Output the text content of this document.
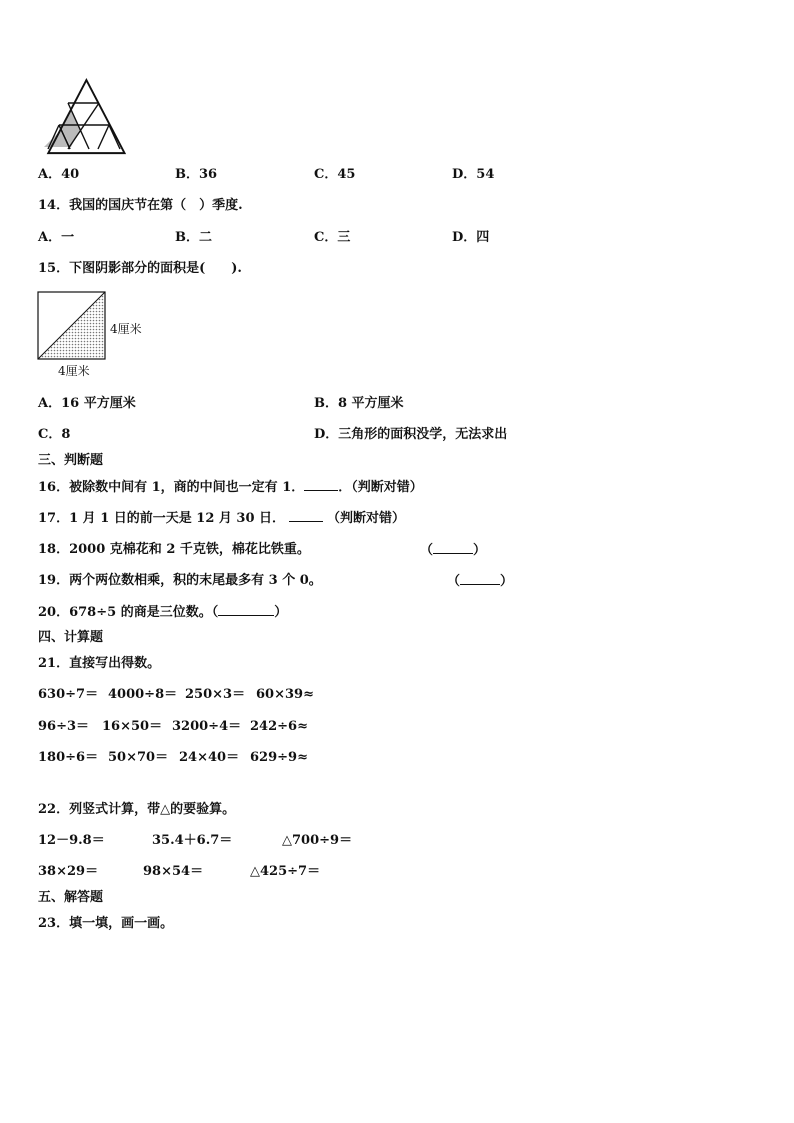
A．40	B．36	C．45	D．54
14．我国的国庆节在第（　）季度.
A．一	B．二	C．三	D．四
15．下图阴影部分的面积是(　　).
4厘米
4厘米
A．16 平方厘米	B．8 平方厘米
C．8	D．三角形的面积没学，无法求出
三、判断题
16．被除数中间有 1，商的中间也一定有 1．	．（判断对错）
17．1 月 1 日的前一天是 12 月 30 日．	（判断对错）
18．2000 克棉花和 2 千克铁，棉花比铁重。	（	）
19．两个两位数相乘，积的末尾最多有 3 个 0。	（	）
20．678÷5 的商是三位数。（	）
四、计算题
21．直接写出得数。
630÷7＝ 4000÷8＝ 250×3＝ 60×39≈
96÷3＝ 16×50＝ 3200÷4＝ 242÷6≈
180÷6＝ 50×70＝ 24×40＝ 629÷9≈
22．列竖式计算，带△的要验算。
12－9.8＝	35.4＋6.7＝	△700÷9＝
38×29＝	98×54＝	△425÷7＝
五、解答题
23．填一填，画一画。
